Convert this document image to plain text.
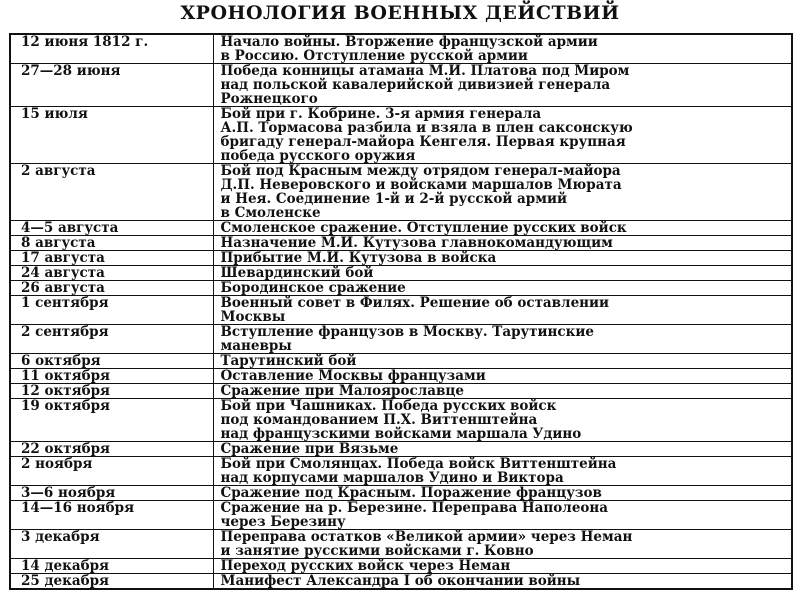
ХРОНОЛОГИЯ ВОЕННЫХ ДЕЙСТВИЙ
12 июня 1812 г.	Начало войны. Вторжение французской армии
в Россию. Отступление русской армии

27—28 июня	Победа конницы атамана М.И. Платова под Миром
над польской кавалерийской дивизией генерала
Рожнецкого

15 июля	Бой при г. Кобрине. 3-я армия генерала
А.П. Тормасова разбила и взяла в плен саксонскую
бригаду генерал-майора Кенгеля. Первая крупная
победа русского оружия

2 августа	Бой под Красным между отрядом генерал-майора
Д.П. Неверовского и войсками маршалов Мюрата
и Нея. Соединение 1-й и 2-й русской армий
в Смоленске

4—5 августа	Смоленское сражение. Отступление русских войск

8 августа	Назначение М.И. Кутузова главнокомандующим

17 августа	Прибытие М.И. Кутузова в войска

24 августа	Шевардинский бой

26 августа	Бородинское сражение

1 сентября	Военный совет в Филях. Решение об оставлении
Москвы

2 сентября	Вступление французов в Москву. Тарутинские
маневры

6 октября	Тарутинский бой

11 октября	Оставление Москвы французами

12 октября	Сражение при Малоярославце

19 октября	Бой при Чашниках. Победа русских войск
под командованием П.Х. Виттенштейна
над французскими войсками маршала Удино

22 октября	Сражение при Вязьме

2 ноября	Бой при Смолянцах. Победа войск Виттенштейна
над корпусами маршалов Удино и Виктора

3—6 ноября	Сражение под Красным. Поражение французов

14—16 ноября	Сражение на р. Березине. Переправа Наполеона
через Березину

3 декабря	Переправа остатков «Великой армии» через Неман
и занятие русскими войсками г. Ковно

14 декабря	Переход русских войск через Неман

25 декабря	Манифест Александра I об окончании войны
